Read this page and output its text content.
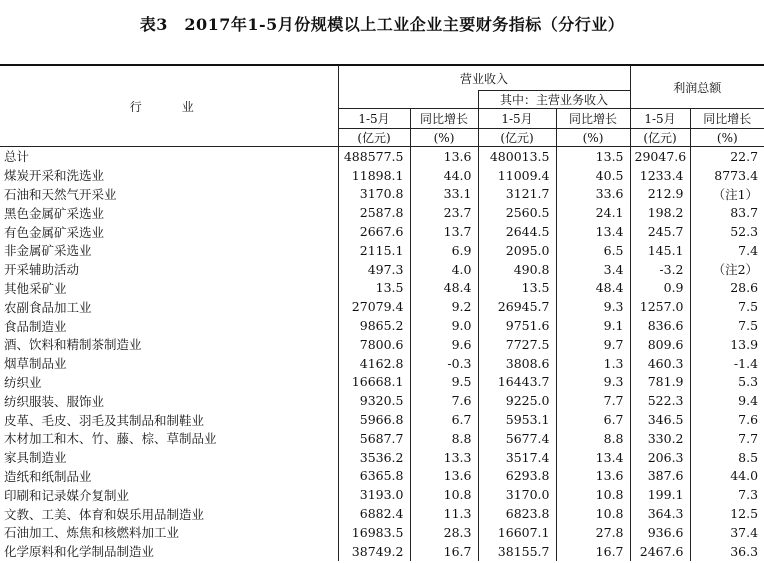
表3　2017年1-5月份规模以上工业企业主要财务指标（分行业）
行　业	营业收入				利润总额	
			其中：主营业务收入			
	1-5月	同比增长	1-5月	同比增长	1-5月	同比增长
	(亿元)	(%)	(亿元)	(%)	(亿元)	(%)
总计	488577.5	13.6	480013.5	13.5	29047.6	22.7
煤炭开采和洗选业	11898.1	44.0	11009.4	40.5	1233.4	8773.4
石油和天然气开采业	3170.8	33.1	3121.7	33.6	212.9	（注1）
黑色金属矿采选业	2587.8	23.7	2560.5	24.1	198.2	83.7
有色金属矿采选业	2667.6	13.7	2644.5	13.4	245.7	52.3
非金属矿采选业	2115.1	6.9	2095.0	6.5	145.1	7.4
开采辅助活动	497.3	4.0	490.8	3.4	-3.2	（注2）
其他采矿业	13.5	48.4	13.5	48.4	0.9	28.6
农副食品加工业	27079.4	9.2	26945.7	9.3	1257.0	7.5
食品制造业	9865.2	9.0	9751.6	9.1	836.6	7.5
酒、饮料和精制茶制造业	7800.6	9.6	7727.5	9.7	809.6	13.9
烟草制品业	4162.8	-0.3	3808.6	1.3	460.3	-1.4
纺织业	16668.1	9.5	16443.7	9.3	781.9	5.3
纺织服装、服饰业	9320.5	7.6	9225.0	7.7	522.3	9.4
皮革、毛皮、羽毛及其制品和制鞋业	5966.8	6.7	5953.1	6.7	346.5	7.6
木材加工和木、竹、藤、棕、草制品业	5687.7	8.8	5677.4	8.8	330.2	7.7
家具制造业	3536.2	13.3	3517.4	13.4	206.3	8.5
造纸和纸制品业	6365.8	13.6	6293.8	13.6	387.6	44.0
印刷和记录媒介复制业	3193.0	10.8	3170.0	10.8	199.1	7.3
文教、工美、体育和娱乐用品制造业	6882.4	11.3	6823.8	10.8	364.3	12.5
石油加工、炼焦和核燃料加工业	16983.5	28.3	16607.1	27.8	936.6	37.4
化学原料和化学制品制造业	38749.2	16.7	38155.7	16.7	2467.6	36.3
